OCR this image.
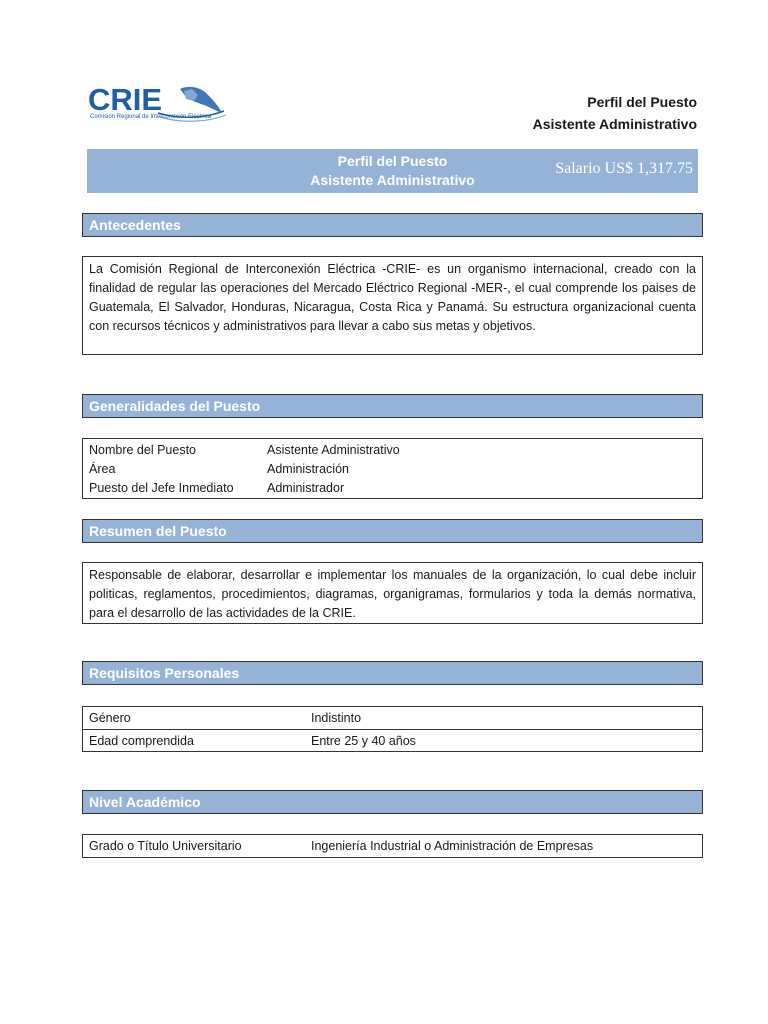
CRIE
Comisión Regional de Interconexión Eléctrica
Perfil del Puesto
Asistente Administrativo
Perfil del Puesto
Asistente Administrativo
Salario US$ 1,317.75
Antecedentes
La Comisión Regional de Interconexión Eléctrica -CRIE- es un organismo internacional, creado con la finalidad de regular las operaciones del Mercado Eléctrico Regional -MER-, el cual comprende los paises de Guatemala, El Salvador, Honduras, Nicaragua, Costa Rica y Panamá. Su estructura organizacional cuenta con recursos técnicos y administrativos para llevar a cabo sus metas y objetivos.
Generalidades del Puesto
Nombre del Puesto	Asistente Administrativo
Área	Administración
Puesto del Jefe Inmediato	Administrador
Resumen del Puesto
Responsable de elaborar, desarrollar e implementar los manuales de la organización, lo cual debe incluir politicas, reglamentos, procedimientos, diagramas, organigramas, formularios y toda la demás normativa, para el desarrollo de las actividades de la CRIE.
Requisitos Personales
Género	Indistinto
Edad comprendida	Entre 25 y 40 años
Nivel Académico
Grado o Título Universitario	Ingeniería Industrial o Administración de Empresas
